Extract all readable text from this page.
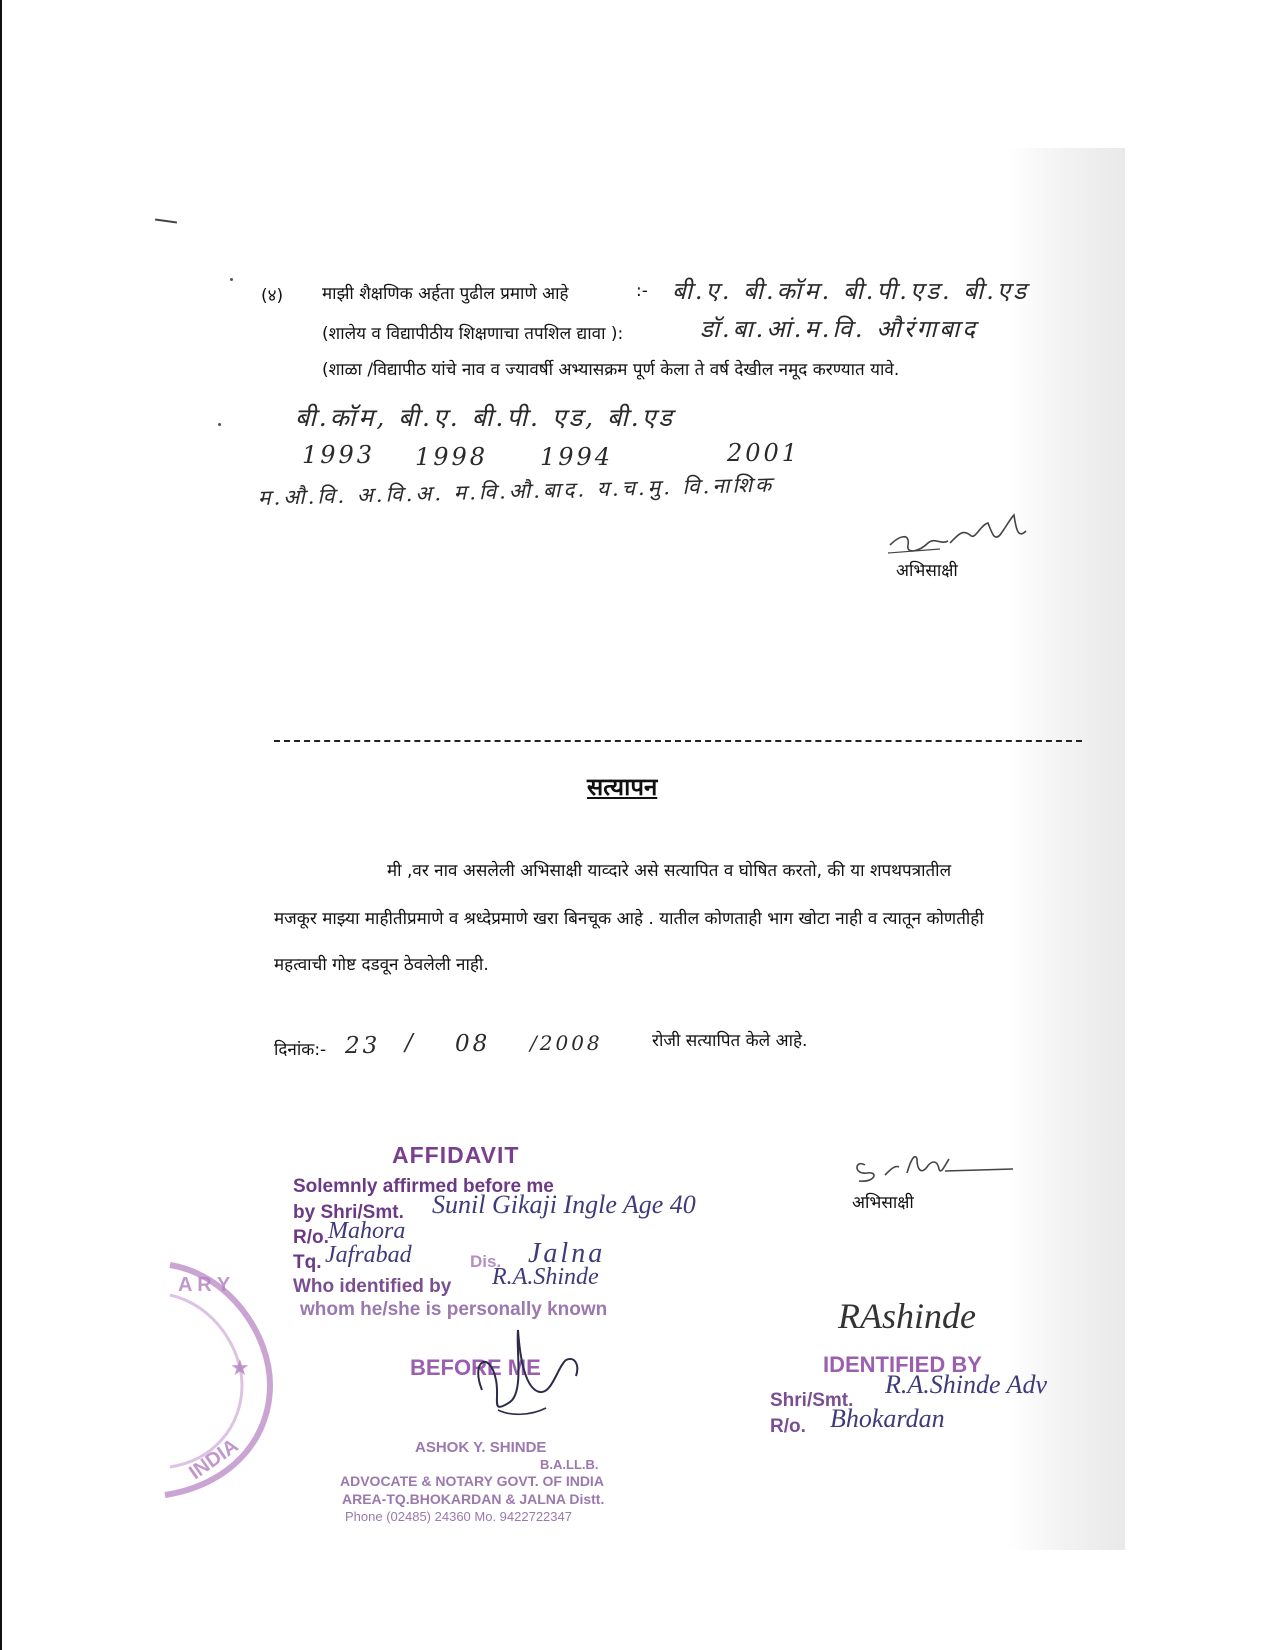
(४) माझी शैक्षणिक अर्हता पुढील प्रमाणे आहे	:- बी.ए. बी.कॉम. बी.पी.एड. बी.एड
(शालेय व विद्यापीठीय शिक्षणाचा तपशिल द्यावा ):	डॉ.बा.आं.म.वि. औरंगाबाद
(शाळा /विद्यापीठ यांचे नाव व ज्यावर्षी अभ्यासक्रम पूर्ण केला ते वर्ष देखील नमूद करण्यात यावे.
बी.कॉम, बी.ए. बी.पी. एड, बी.एड
1993 1998 1994	2001
म.औ.वि. अ.वि.अ. म.वि.औ.बाद. य.च.मु. वि.नाशिक
अभिसाक्षी
सत्यापन
मी ,वर नाव असलेली अभिसाक्षी याव्दारे असे सत्यापित व घोषित करतो, की या शपथपत्रातील
मजकूर माझ्या माहीतीप्रमाणे व श्रध्देप्रमाणे खरा बिनचूक आहे . यातील कोणताही भाग खोटा नाही व त्यातून कोणतीही
महत्वाची गोष्ट दडवून ठेवलेली नाही.
दिनांक:- 23 / 08 /2008	रोजी सत्यापित केले आहे.
अभिसाक्षी
AFFIDAVIT
Solemnly affirmed before me
by Shri/Smt. Sunil Gikaji Ingle Age 40
R/o. Mahora
Tq. Jafrabad	Dis. Jalna
Who identified by R.A.Shinde
whom he/she is personally known
A R Y
★
INDIA
BEFORE ME
ASHOK Y. SHINDE
B.A.LL.B.
ADVOCATE & NOTARY GOVT. OF INDIA
AREA-TQ.BHOKARDAN & JALNA Distt.
Phone (02485) 24360 Mo. 9422722347
RAshinde
IDENTIFIED BY
Shri/Smt.
R.A.Shinde Adv
R/o. Bhokardan
